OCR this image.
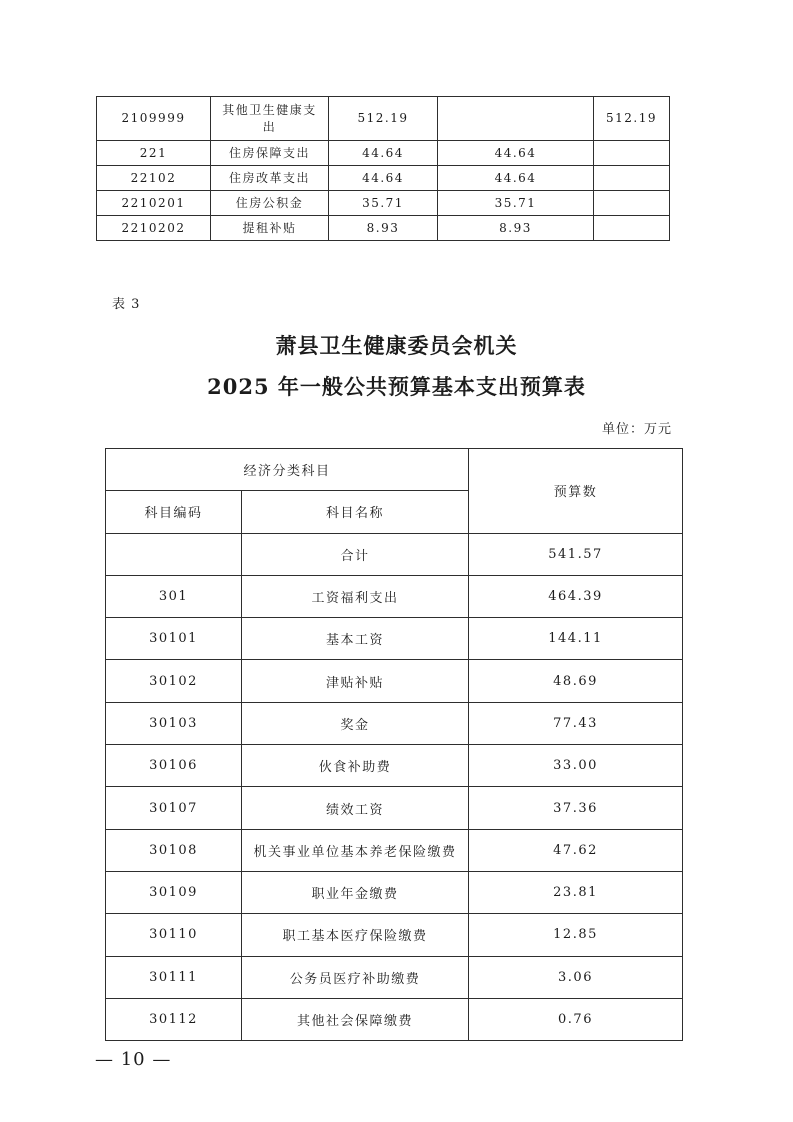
2109999	其他卫生健康支出	512.19		512.19
221	住房保障支出	44.64	44.64	
22102	住房改革支出	44.64	44.64	
2210201	住房公积金	35.71	35.71	
2210202	提租补贴	8.93	8.93	
表 3
萧县卫生健康委员会机关
2025 年一般公共预算基本支出预算表
单位：万元
经济分类科目		预算数
科目编码	科目名称	
	合计	541.57
301	工资福利支出	464.39
30101	基本工资	144.11
30102	津贴补贴	48.69
30103	奖金	77.43
30106	伙食补助费	33.00
30107	绩效工资	37.36
30108	机关事业单位基本养老保险缴费	47.62
30109	职业年金缴费	23.81
30110	职工基本医疗保险缴费	12.85
30111	公务员医疗补助缴费	3.06
30112	其他社会保障缴费	0.76
— 10 —
